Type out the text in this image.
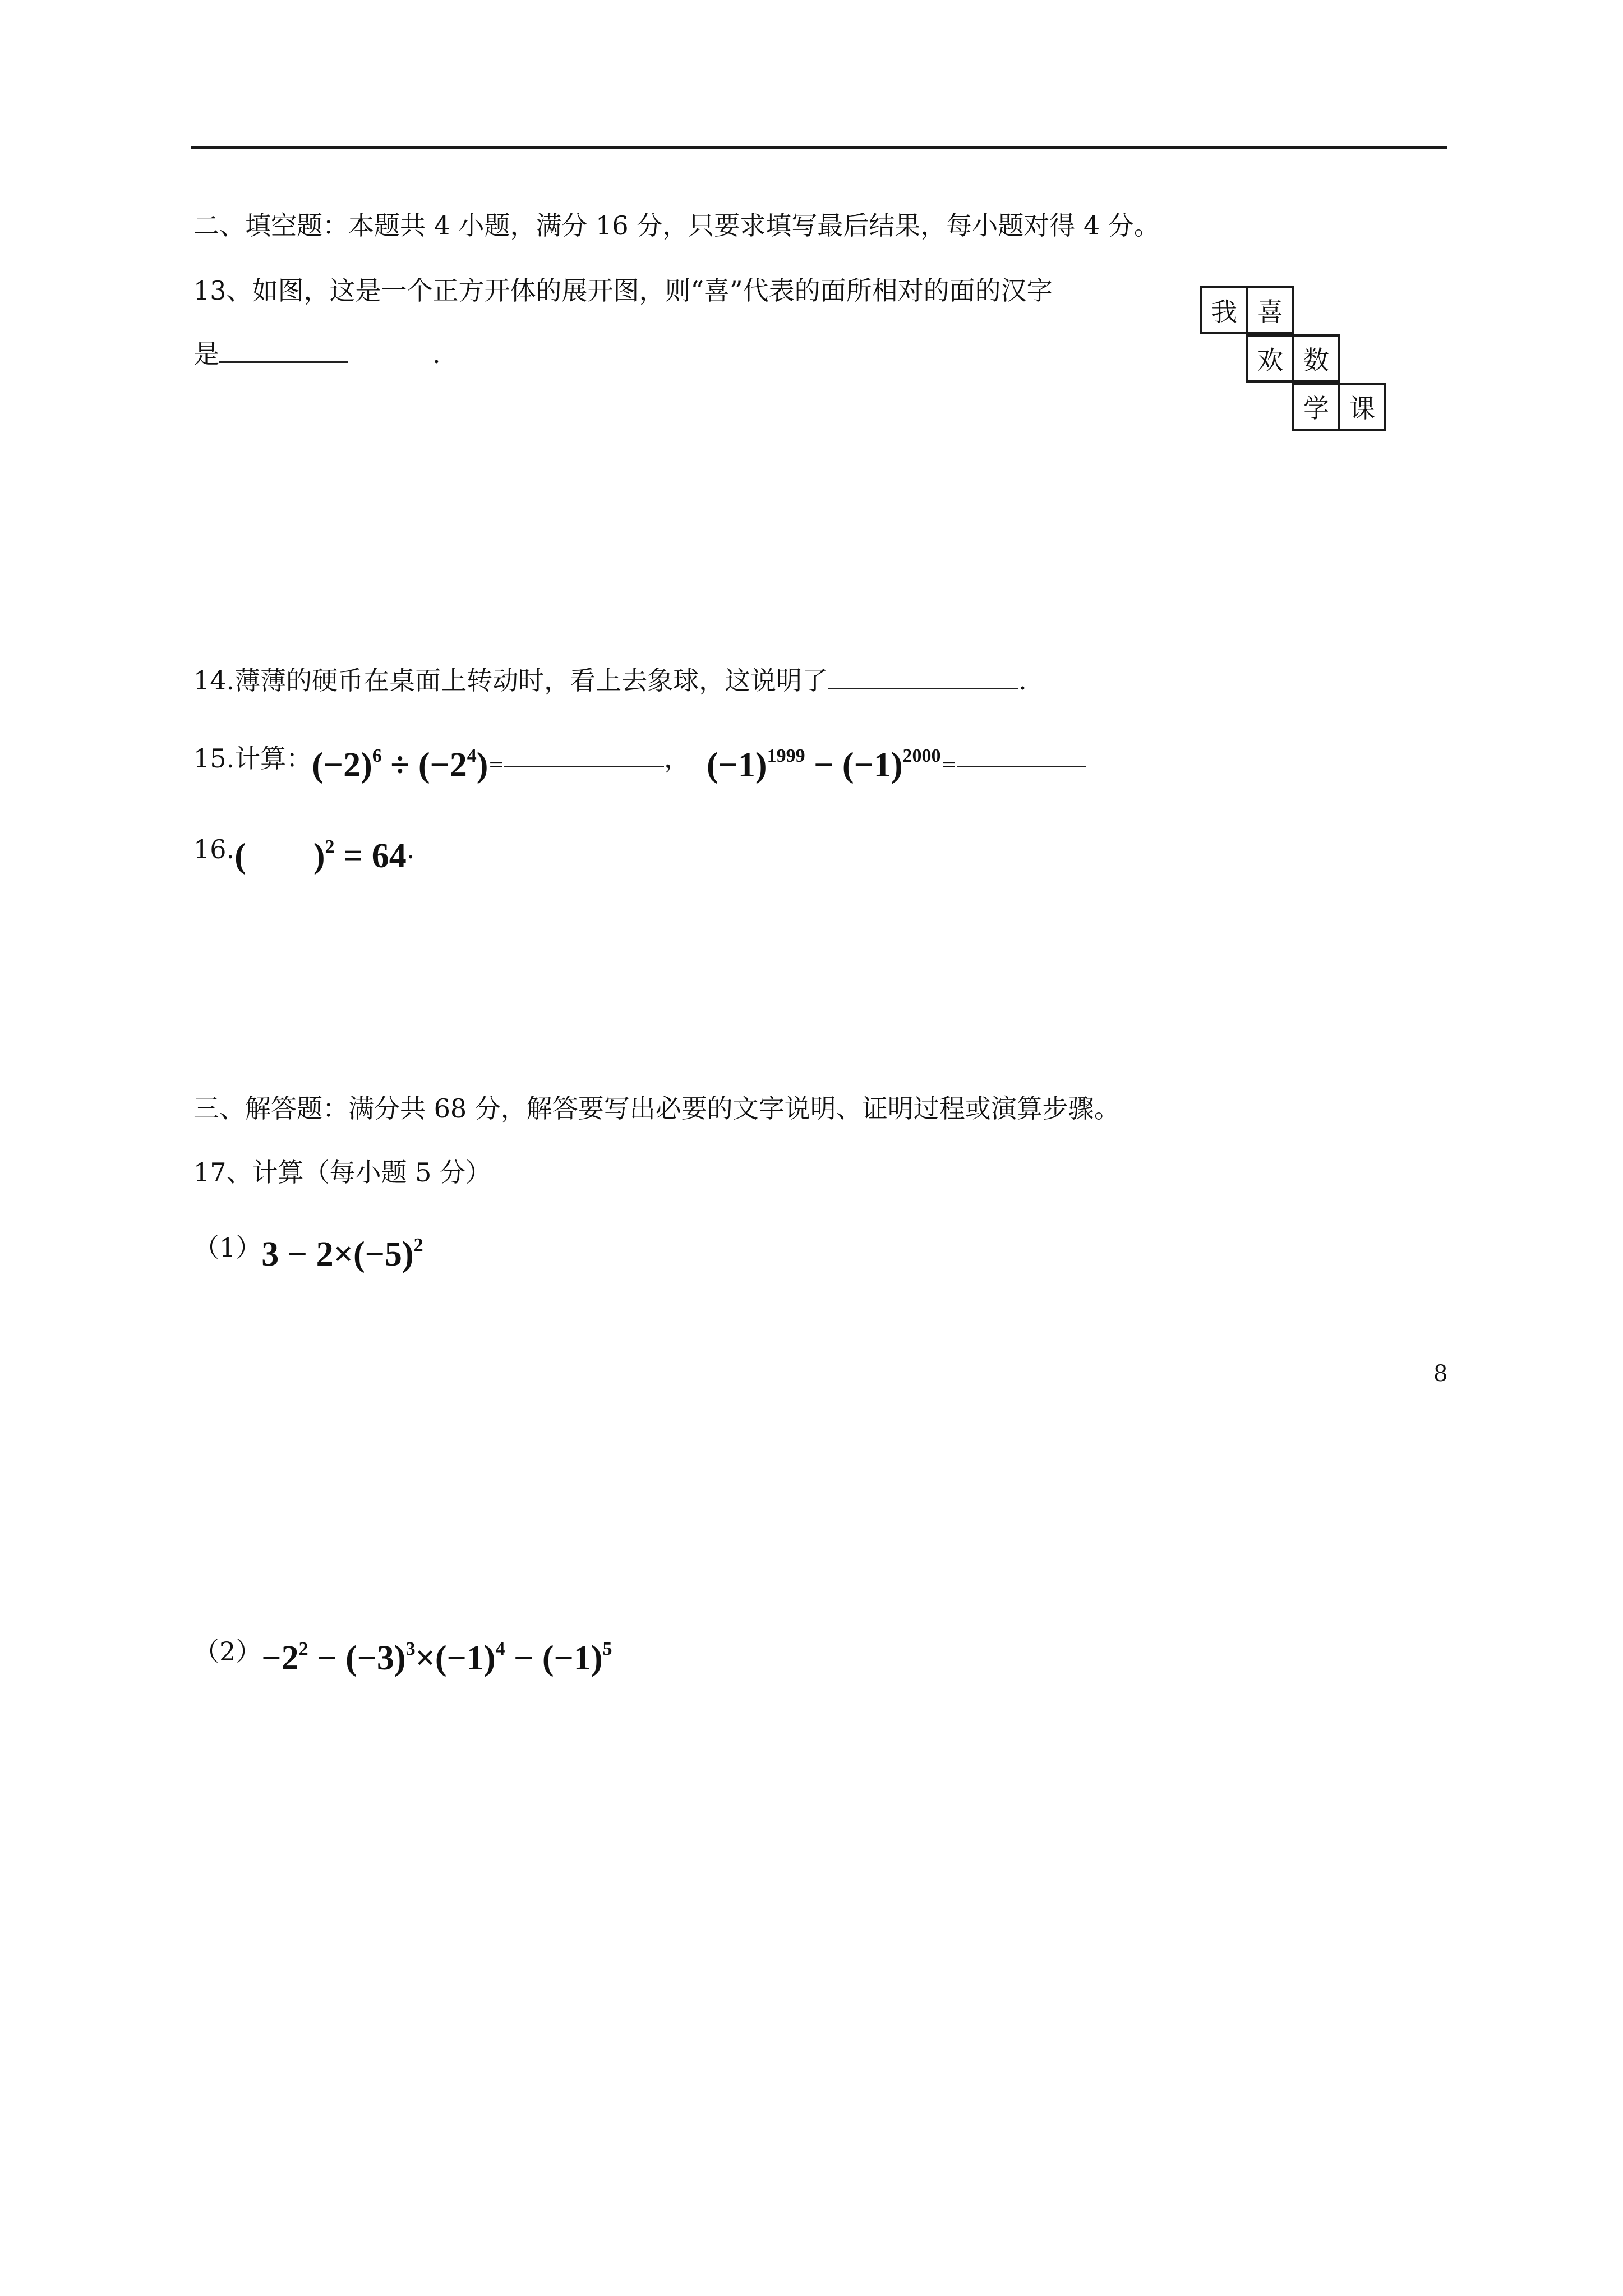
二、填空题：本题共 4 小题，满分 16 分，只要求填写最后结果，每小题对得 4 分。
13、如图，这是一个正方开体的展开图，则“喜”代表的面所相对的面的汉字
是	.
我 喜
欢 数
学 课
14.薄薄的硬币在桌面上转动时，看上去象球，这说明了	.
15.计算：$(-2)^6 \div (-2^4)=$	， $(-1)^{1999} - (-1)^{2000}=$
16.( )$^2$ = 64.
三、解答题：满分共 68 分，解答要写出必要的文字说明、证明过程或演算步骤。
17、计算（每小题 5 分）
$(1)3 - 2\times(-5)^2$
$(2)-2^2 - (-3)^3\times(-1)^4 - (-1)^5$
8
